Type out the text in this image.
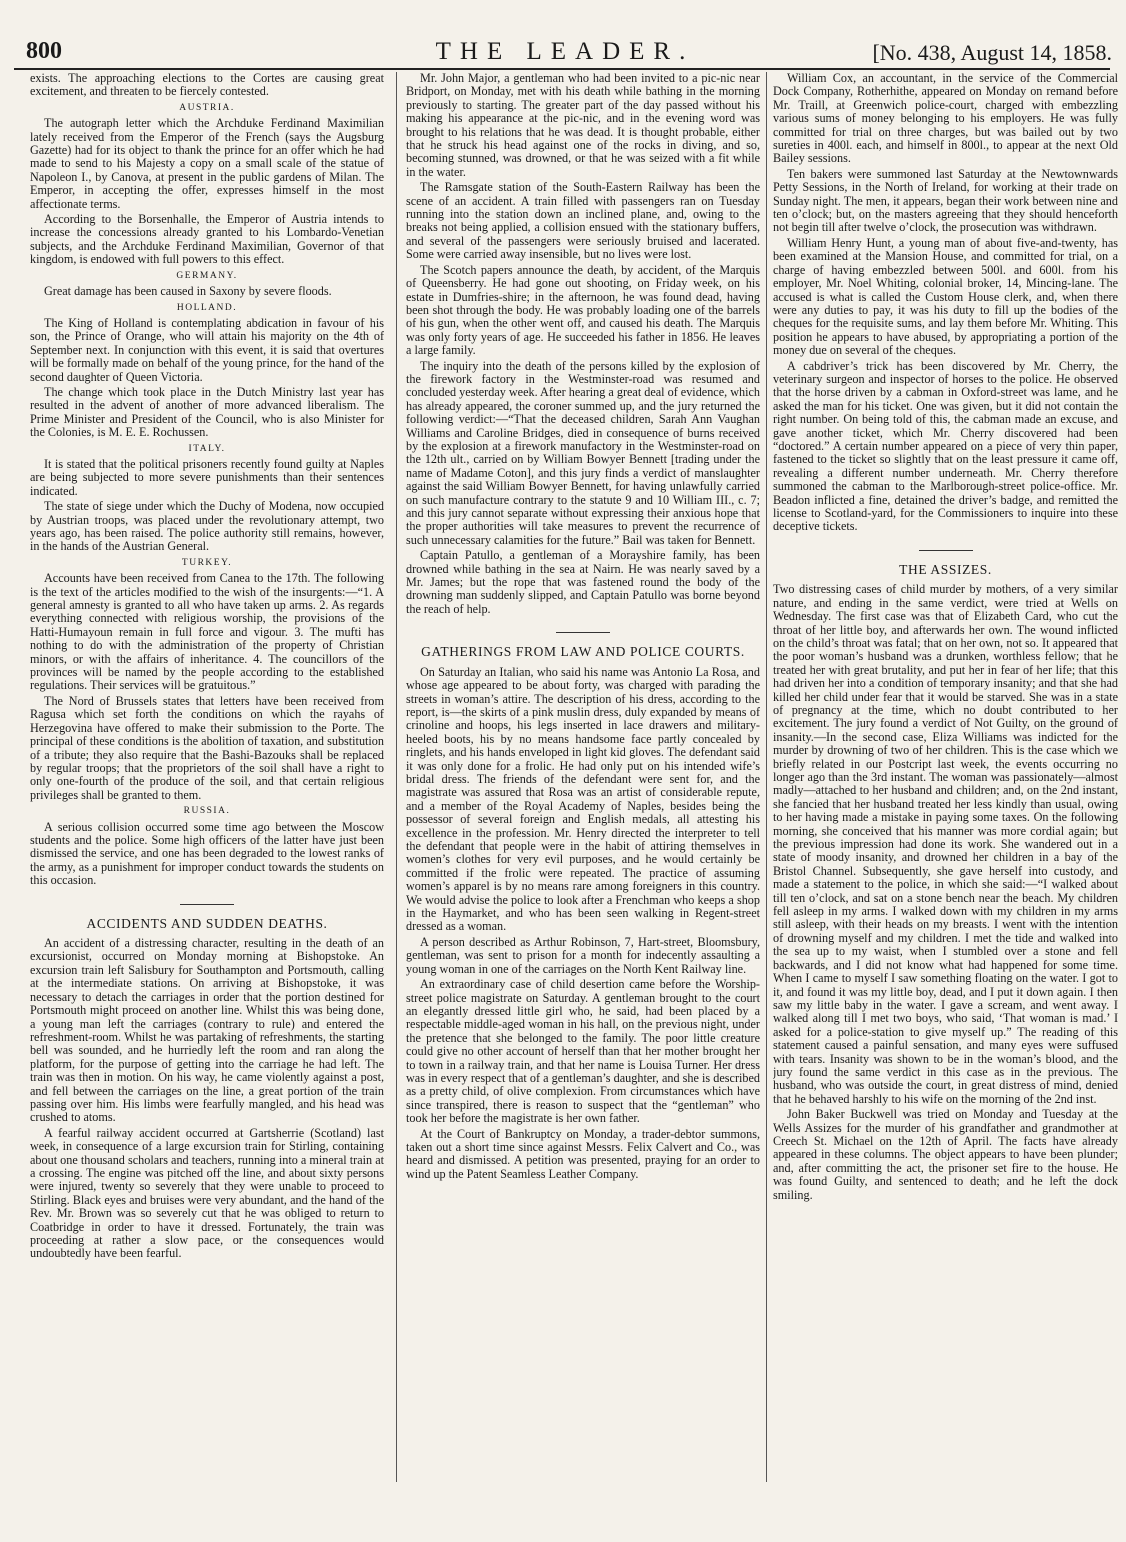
800	THE LEADER.	[No. 438, August 14, 1858.

exists. The approaching elections to the Cortes are causing great excitement, and threaten to be fiercely contested.

AUSTRIA.

The autograph letter which the Archduke Ferdinand Maximilian lately received from the Emperor of the French (says the Augsburg Gazette) had for its object to thank the prince for an offer which he had made to send to his Majesty a copy on a small scale of the statue of Napoleon I., by Canova, at present in the public gardens of Milan. The Emperor, in accepting the offer, expresses himself in the most affectionate terms.

According to the Borsenhalle, the Emperor of Austria intends to increase the concessions already granted to his Lombardo-Venetian subjects, and the Archduke Ferdinand Maximilian, Governor of that kingdom, is endowed with full powers to this effect.

GERMANY.

Great damage has been caused in Saxony by severe floods.

HOLLAND.

The King of Holland is contemplating abdication in favour of his son, the Prince of Orange, who will attain his majority on the 4th of September next. In conjunction with this event, it is said that overtures will be formally made on behalf of the young prince, for the hand of the second daughter of Queen Victoria.

The change which took place in the Dutch Ministry last year has resulted in the advent of another of more advanced liberalism. The Prime Minister and President of the Council, who is also Minister for the Colonies, is M. E. E. Rochussen.

ITALY.

It is stated that the political prisoners recently found guilty at Naples are being subjected to more severe punishments than their sentences indicated.

The state of siege under which the Duchy of Modena, now occupied by Austrian troops, was placed under the revolutionary attempt, two years ago, has been raised. The police authority still remains, however, in the hands of the Austrian General.

TURKEY.

Accounts have been received from Canea to the 17th. The following is the text of the articles modified to the wish of the insurgents:—“1. A general amnesty is granted to all who have taken up arms. 2. As regards everything connected with religious worship, the provisions of the Hatti-Humayoun remain in full force and vigour. 3. The mufti has nothing to do with the administration of the property of Christian minors, or with the affairs of inheritance. 4. The councillors of the provinces will be named by the people according to the established regulations. Their services will be gratuitous.”

The Nord of Brussels states that letters have been received from Ragusa which set forth the conditions on which the rayahs of Herzegovina have offered to make their submission to the Porte. The principal of these conditions is the abolition of taxation, and substitution of a tribute; they also require that the Bashi-Bazouks shall be replaced by regular troops; that the proprietors of the soil shall have a right to only one-fourth of the produce of the soil, and that certain religious privileges shall be granted to them.

RUSSIA.

A serious collision occurred some time ago between the Moscow students and the police. Some high officers of the latter have just been dismissed the service, and one has been degraded to the lowest ranks of the army, as a punishment for improper conduct towards the students on this occasion.

ACCIDENTS AND SUDDEN DEATHS.

An accident of a distressing character, resulting in the death of an excursionist, occurred on Monday morning at Bishopstoke. An excursion train left Salisbury for Southampton and Portsmouth, calling at the intermediate stations. On arriving at Bishopstoke, it was necessary to detach the carriages in order that the portion destined for Portsmouth might proceed on another line. Whilst this was being done, a young man left the carriages (contrary to rule) and entered the refreshment-room. Whilst he was partaking of refreshments, the starting bell was sounded, and he hurriedly left the room and ran along the platform, for the purpose of getting into the carriage he had left. The train was then in motion. On his way, he came violently against a post, and fell between the carriages on the line, a great portion of the train passing over him. His limbs were fearfully mangled, and his head was crushed to atoms.

A fearful railway accident occurred at Gartsherrie (Scotland) last week, in consequence of a large excursion train for Stirling, containing about one thousand scholars and teachers, running into a mineral train at a crossing. The engine was pitched off the line, and about sixty persons were injured, twenty so severely that they were unable to proceed to Stirling. Black eyes and bruises were very abundant, and the hand of the Rev. Mr. Brown was so severely cut that he was obliged to return to Coatbridge in order to have it dressed. Fortunately, the train was proceeding at rather a slow pace, or the consequences would undoubtedly have been fearful.

Mr. John Major, a gentleman who had been invited to a pic-nic near Bridport, on Monday, met with his death while bathing in the morning previously to starting. The greater part of the day passed without his making his appearance at the pic-nic, and in the evening word was brought to his relations that he was dead. It is thought probable, either that he struck his head against one of the rocks in diving, and so, becoming stunned, was drowned, or that he was seized with a fit while in the water.

The Ramsgate station of the South-Eastern Railway has been the scene of an accident. A train filled with passengers ran on Tuesday running into the station down an inclined plane, and, owing to the breaks not being applied, a collision ensued with the stationary buffers, and several of the passengers were seriously bruised and lacerated. Some were carried away insensible, but no lives were lost.

The Scotch papers announce the death, by accident, of the Marquis of Queensberry. He had gone out shooting, on Friday week, on his estate in Dumfries-shire; in the afternoon, he was found dead, having been shot through the body. He was probably loading one of the barrels of his gun, when the other went off, and caused his death. The Marquis was only forty years of age. He succeeded his father in 1856. He leaves a large family.

The inquiry into the death of the persons killed by the explosion of the firework factory in the Westminster-road was resumed and concluded yesterday week. After hearing a great deal of evidence, which has already appeared, the coroner summed up, and the jury returned the following verdict:—“That the deceased children, Sarah Ann Vaughan Williams and Caroline Bridges, died in consequence of burns received by the explosion at a firework manufactory in the Westminster-road on the 12th ult., carried on by William Bowyer Bennett [trading under the name of Madame Coton], and this jury finds a verdict of manslaughter against the said William Bowyer Bennett, for having unlawfully carried on such manufacture contrary to the statute 9 and 10 William III., c. 7; and this jury cannot separate without expressing their anxious hope that the proper authorities will take measures to prevent the recurrence of such unnecessary calamities for the future.” Bail was taken for Bennett.

Captain Patullo, a gentleman of a Morayshire family, has been drowned while bathing in the sea at Nairn. He was nearly saved by a Mr. James; but the rope that was fastened round the body of the drowning man suddenly slipped, and Captain Patullo was borne beyond the reach of help.

GATHERINGS FROM LAW AND POLICE COURTS.

On Saturday an Italian, who said his name was Antonio La Rosa, and whose age appeared to be about forty, was charged with parading the streets in woman’s attire. The description of his dress, according to the report, is—the skirts of a pink muslin dress, duly expanded by means of crinoline and hoops, his legs inserted in lace drawers and military-heeled boots, his by no means handsome face partly concealed by ringlets, and his hands enveloped in light kid gloves. The defendant said it was only done for a frolic. He had only put on his intended wife’s bridal dress. The friends of the defendant were sent for, and the magistrate was assured that Rosa was an artist of considerable repute, and a member of the Royal Academy of Naples, besides being the possessor of several foreign and English medals, all attesting his excellence in the profession. Mr. Henry directed the interpreter to tell the defendant that people were in the habit of attiring themselves in women’s clothes for very evil purposes, and he would certainly be committed if the frolic were repeated. The practice of assuming women’s apparel is by no means rare among foreigners in this country. We would advise the police to look after a Frenchman who keeps a shop in the Haymarket, and who has been seen walking in Regent-street dressed as a woman.

A person described as Arthur Robinson, 7, Hart-street, Bloomsbury, gentleman, was sent to prison for a month for indecently assaulting a young woman in one of the carriages on the North Kent Railway line.

An extraordinary case of child desertion came before the Worship-street police magistrate on Saturday. A gentleman brought to the court an elegantly dressed little girl who, he said, had been placed by a respectable middle-aged woman in his hall, on the previous night, under the pretence that she belonged to the family. The poor little creature could give no other account of herself than that her mother brought her to town in a railway train, and that her name is Louisa Turner. Her dress was in every respect that of a gentleman’s daughter, and she is described as a pretty child, of olive complexion. From circumstances which have since transpired, there is reason to suspect that the “gentleman” who took her before the magistrate is her own father.

At the Court of Bankruptcy on Monday, a trader-debtor summons, taken out a short time since against Messrs. Felix Calvert and Co., was heard and dismissed. A petition was presented, praying for an order to wind up the Patent Seamless Leather Company.

William Cox, an accountant, in the service of the Commercial Dock Company, Rotherhithe, appeared on Monday on remand before Mr. Traill, at Greenwich police-court, charged with embezzling various sums of money belonging to his employers. He was fully committed for trial on three charges, but was bailed out by two sureties in 400l. each, and himself in 800l., to appear at the next Old Bailey sessions.

Ten bakers were summoned last Saturday at the Newtownwards Petty Sessions, in the North of Ireland, for working at their trade on Sunday night. The men, it appears, began their work between nine and ten o’clock; but, on the masters agreeing that they should henceforth not begin till after twelve o’clock, the prosecution was withdrawn.

William Henry Hunt, a young man of about five-and-twenty, has been examined at the Mansion House, and committed for trial, on a charge of having embezzled between 500l. and 600l. from his employer, Mr. Noel Whiting, colonial broker, 14, Mincing-lane. The accused is what is called the Custom House clerk, and, when there were any duties to pay, it was his duty to fill up the bodies of the cheques for the requisite sums, and lay them before Mr. Whiting. This position he appears to have abused, by appropriating a portion of the money due on several of the cheques.

A cabdriver’s trick has been discovered by Mr. Cherry, the veterinary surgeon and inspector of horses to the police. He observed that the horse driven by a cabman in Oxford-street was lame, and he asked the man for his ticket. One was given, but it did not contain the right number. On being told of this, the cabman made an excuse, and gave another ticket, which Mr. Cherry discovered had been “doctored.” A certain number appeared on a piece of very thin paper, fastened to the ticket so slightly that on the least pressure it came off, revealing a different number underneath. Mr. Cherry therefore summoned the cabman to the Marlborough-street police-office. Mr. Beadon inflicted a fine, detained the driver’s badge, and remitted the license to Scotland-yard, for the Commissioners to inquire into these deceptive tickets.

THE ASSIZES.

Two distressing cases of child murder by mothers, of a very similar nature, and ending in the same verdict, were tried at Wells on Wednesday. The first case was that of Elizabeth Card, who cut the throat of her little boy, and afterwards her own. The wound inflicted on the child’s throat was fatal; that on her own, not so. It appeared that the poor woman’s husband was a drunken, worthless fellow; that he treated her with great brutality, and put her in fear of her life; that this had driven her into a condition of temporary insanity; and that she had killed her child under fear that it would be starved. She was in a state of pregnancy at the time, which no doubt contributed to her excitement. The jury found a verdict of Not Guilty, on the ground of insanity.—In the second case, Eliza Williams was indicted for the murder by drowning of two of her children. This is the case which we briefly related in our Postcript last week, the events occurring no longer ago than the 3rd instant. The woman was passionately—almost madly—attached to her husband and children; and, on the 2nd instant, she fancied that her husband treated her less kindly than usual, owing to her having made a mistake in paying some taxes. On the following morning, she conceived that his manner was more cordial again; but the previous impression had done its work. She wandered out in a state of moody insanity, and drowned her children in a bay of the Bristol Channel. Subsequently, she gave herself into custody, and made a statement to the police, in which she said:—“I walked about till ten o’clock, and sat on a stone bench near the beach. My children fell asleep in my arms. I walked down with my children in my arms still asleep, with their heads on my breasts. I went with the intention of drowning myself and my children. I met the tide and walked into the sea up to my waist, when I stumbled over a stone and fell backwards, and I did not know what had happened for some time. When I came to myself I saw something floating on the water. I got to it, and found it was my little boy, dead, and I put it down again. I then saw my little baby in the water. I gave a scream, and went away. I walked along till I met two boys, who said, ‘That woman is mad.’ I asked for a police-station to give myself up.” The reading of this statement caused a painful sensation, and many eyes were suffused with tears. Insanity was shown to be in the woman’s blood, and the jury found the same verdict in this case as in the previous. The husband, who was outside the court, in great distress of mind, denied that he behaved harshly to his wife on the morning of the 2nd inst.

John Baker Buckwell was tried on Monday and Tuesday at the Wells Assizes for the murder of his grandfather and grandmother at Creech St. Michael on the 12th of April. The facts have already appeared in these columns. The object appears to have been plunder; and, after committing the act, the prisoner set fire to the house. He was found Guilty, and sentenced to death; and he left the dock smiling.
